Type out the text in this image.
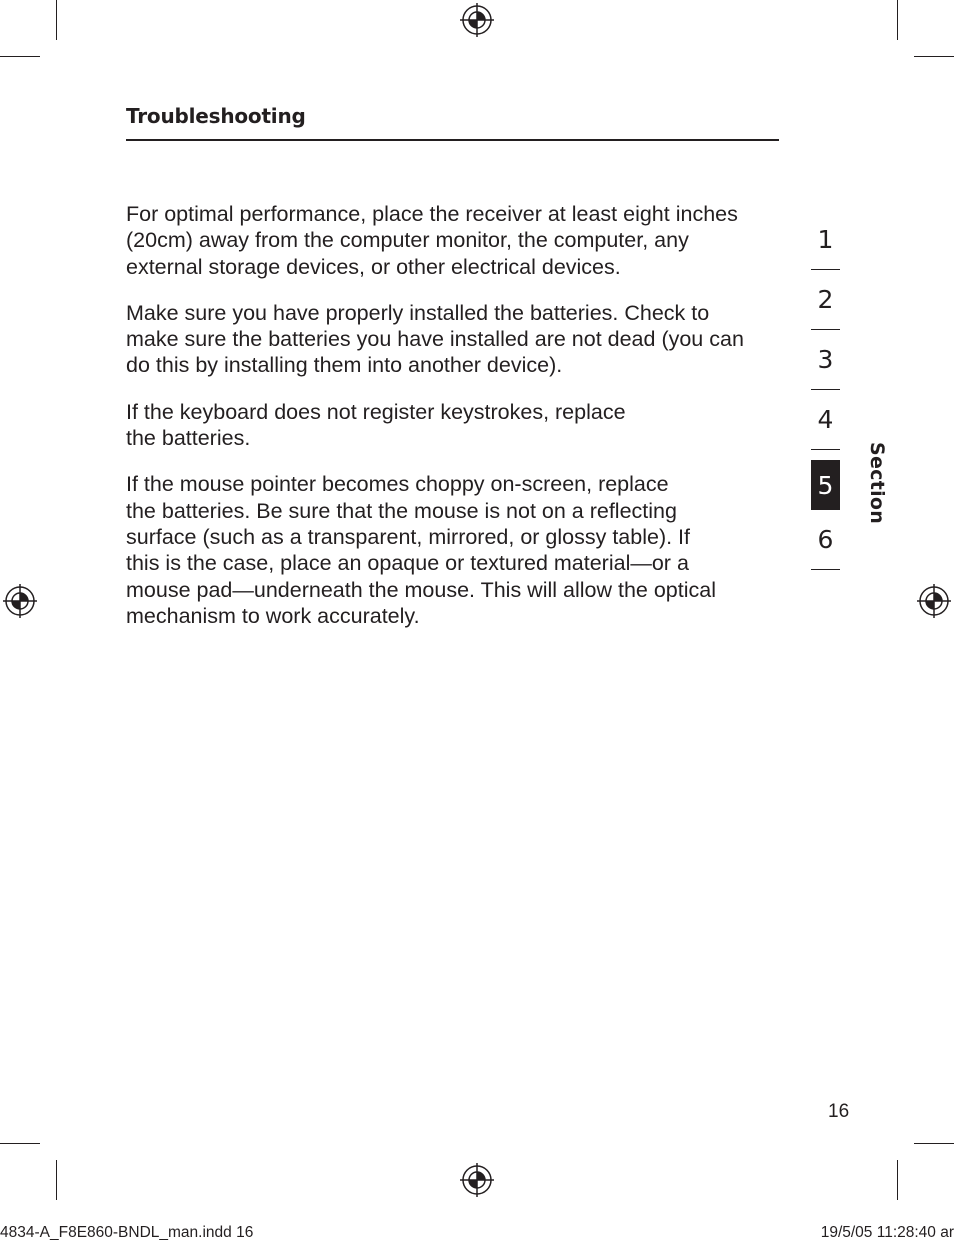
Troubleshooting

For optimal performance, place the receiver at least eight inches
(20cm) away from the computer monitor, the computer, any
external storage devices, or other electrical devices.

Make sure you have properly installed the batteries. Check to
make sure the batteries you have installed are not dead (you can
do this by installing them into another device).

If the keyboard does not register keystrokes, replace
the batteries.

If the mouse pointer becomes choppy on-screen, replace
the batteries. Be sure that the mouse is not on a reflecting
surface (such as a transparent, mirrored, or glossy table). If
this is the case, place an opaque or textured material—or a
mouse pad—underneath the mouse. This will allow the optical
mechanism to work accurately.

1
2
3
4
5
6
Section
16
4834-A_F8E860-BNDL_man.indd 16	19/5/05 11:28:40 ar
